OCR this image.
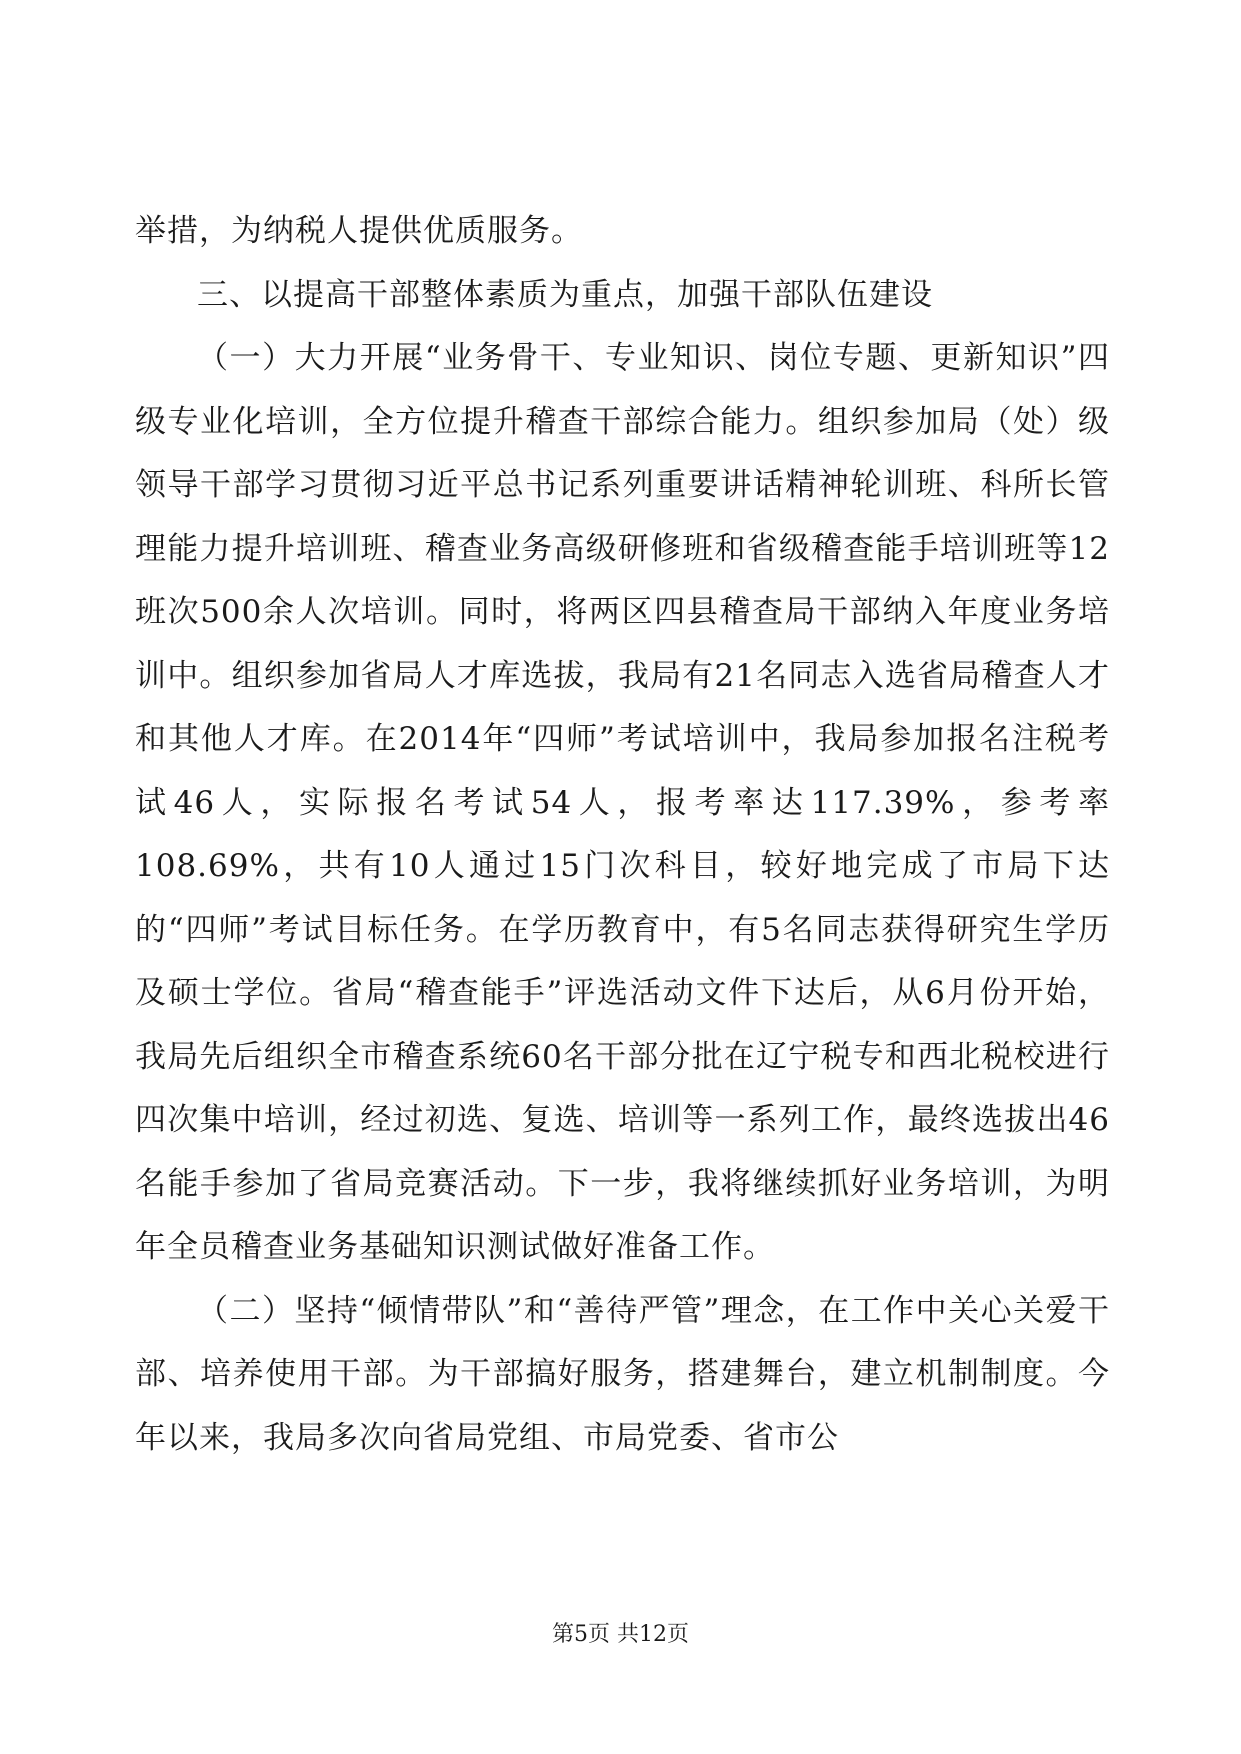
举措，为纳税人提供优质服务。

三、以提高干部整体素质为重点，加强干部队伍建设

（一）大力开展“业务骨干、专业知识、岗位专题、更新知识”四级专业化培训，全方位提升稽查干部综合能力。组织参加局（处）级领导干部学习贯彻习近平总书记系列重要讲话精神轮训班、科所长管理能力提升培训班、稽查业务高级研修班和省级稽查能手培训班等12班次500余人次培训。同时，将两区四县稽查局干部纳入年度业务培训中。组织参加省局人才库选拔，我局有21名同志入选省局稽查人才和其他人才库。在2014年“四师”考试培训中，我局参加报名注税考试46人，实际报名考试54人，报考率达117.39%，参考率108.69%，共有10人通过15门次科目，较好地完成了市局下达的“四师”考试目标任务。在学历教育中，有5名同志获得研究生学历及硕士学位。省局“稽查能手”评选活动文件下达后，从6月份开始，我局先后组织全市稽查系统60名干部分批在辽宁税专和西北税校进行四次集中培训，经过初选、复选、培训等一系列工作，最终选拔出46名能手参加了省局竞赛活动。下一步，我将继续抓好业务培训，为明年全员稽查业务基础知识测试做好准备工作。

（二）坚持“倾情带队”和“善待严管”理念，在工作中关心关爱干部、培养使用干部。为干部搞好服务，搭建舞台，建立机制制度。今年以来，我局多次向省局党组、市局党委、省市公

第5页 共12页
